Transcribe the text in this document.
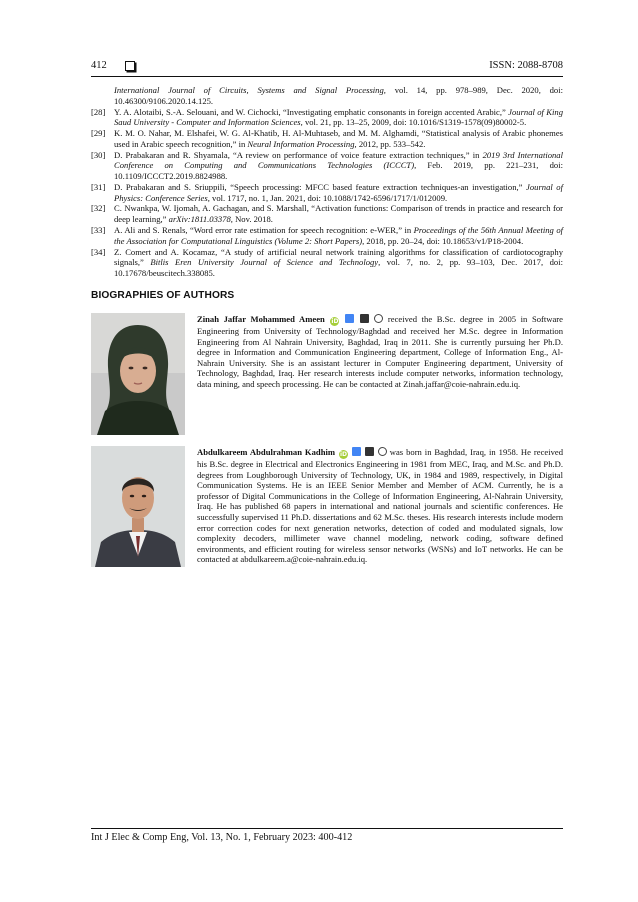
412	ISSN: 2088-8708
International Journal of Circuits, Systems and Signal Processing, vol. 14, pp. 978–989, Dec. 2020, doi: 10.46300/9106.2020.14.125.
[28] Y. A. Alotaibi, S.-A. Selouani, and W. Cichocki, “Investigating emphatic consonants in foreign accented Arabic,” Journal of King Saud University - Computer and Information Sciences, vol. 21, pp. 13–25, 2009, doi: 10.1016/S1319-1578(09)80002-5.
[29] K. M. O. Nahar, M. Elshafei, W. G. Al-Khatib, H. Al-Muhtaseb, and M. M. Alghamdi, “Statistical analysis of Arabic phonemes used in Arabic speech recognition,” in Neural Information Processing, 2012, pp. 533–542.
[30] D. Prabakaran and R. Shyamala, “A review on performance of voice feature extraction techniques,” in 2019 3rd International Conference on Computing and Communications Technologies (ICCCT), Feb. 2019, pp. 221–231, doi: 10.1109/ICCCT2.2019.8824988.
[31] D. Prabakaran and S. Sriuppili, “Speech processing: MFCC based feature extraction techniques-an investigation,” Journal of Physics: Conference Series, vol. 1717, no. 1, Jan. 2021, doi: 10.1088/1742-6596/1717/1/012009.
[32] C. Nwankpa, W. Ijomah, A. Gachagan, and S. Marshall, “Activation functions: Comparison of trends in practice and research for deep learning,” arXiv:1811.03378, Nov. 2018.
[33] A. Ali and S. Renals, “Word error rate estimation for speech recognition: e-WER,” in Proceedings of the 56th Annual Meeting of the Association for Computational Linguistics (Volume 2: Short Papers), 2018, pp. 20–24, doi: 10.18653/v1/P18-2004.
[34] Z. Comert and A. Kocamaz, “A study of artificial neural network training algorithms for classification of cardiotocography signals,” Bitlis Eren University Journal of Science and Technology, vol. 7, no. 2, pp. 93–103, Dec. 2017, doi: 10.17678/beuscitech.338085.
BIOGRAPHIES OF AUTHORS
Zinah Jaffar Mohammed Ameen iD	received the B.Sc. degree in 2005 in Software Engineering from University of Technology/Baghdad and received her M.Sc. degree in Information Engineering from Al Nahrain University, Baghdad, Iraq in 2011. She is currently pursuing her Ph.D. degree in Information and Communication Engineering department, College of Information Eng., Al-Nahrain University. She is an assistant lecturer in Computer Engineering department, University of Technology, Baghdad, Iraq. Her research interests include computer networks, information technology, data mining, and speech processing. He can be contacted at Zinah.jaffar@coie-nahrain.edu.iq.
Abdulkareem Abdulrahman Kadhim iD	was born in Baghdad, Iraq, in 1958. He received his B.Sc. degree in Electrical and Electronics Engineering in 1981 from MEC, Iraq, and M.Sc. and Ph.D. degrees from Loughborough University of Technology, UK, in 1984 and 1989, respectively, in Digital Communication Systems. He is an IEEE Senior Member and Member of ACM. Currently, he is a professor of Digital Communications in the College of Information Engineering, Al-Nahrain University, Iraq. He has published 68 papers in international and national journals and scientific conferences. He successfully supervised 11 Ph.D. dissertations and 62 M.Sc. theses. His research interests include modern error correction codes for next generation networks, detection of coded and modulated signals, low complexity decoders, millimeter wave channel modeling, network coding, software defined environments, and efficient routing for wireless sensor networks (WSNs) and IoT networks. He can be contacted at abdulkareem.a@coie-nahrain.edu.iq.
Int J Elec & Comp Eng, Vol. 13, No. 1, February 2023: 400-412
